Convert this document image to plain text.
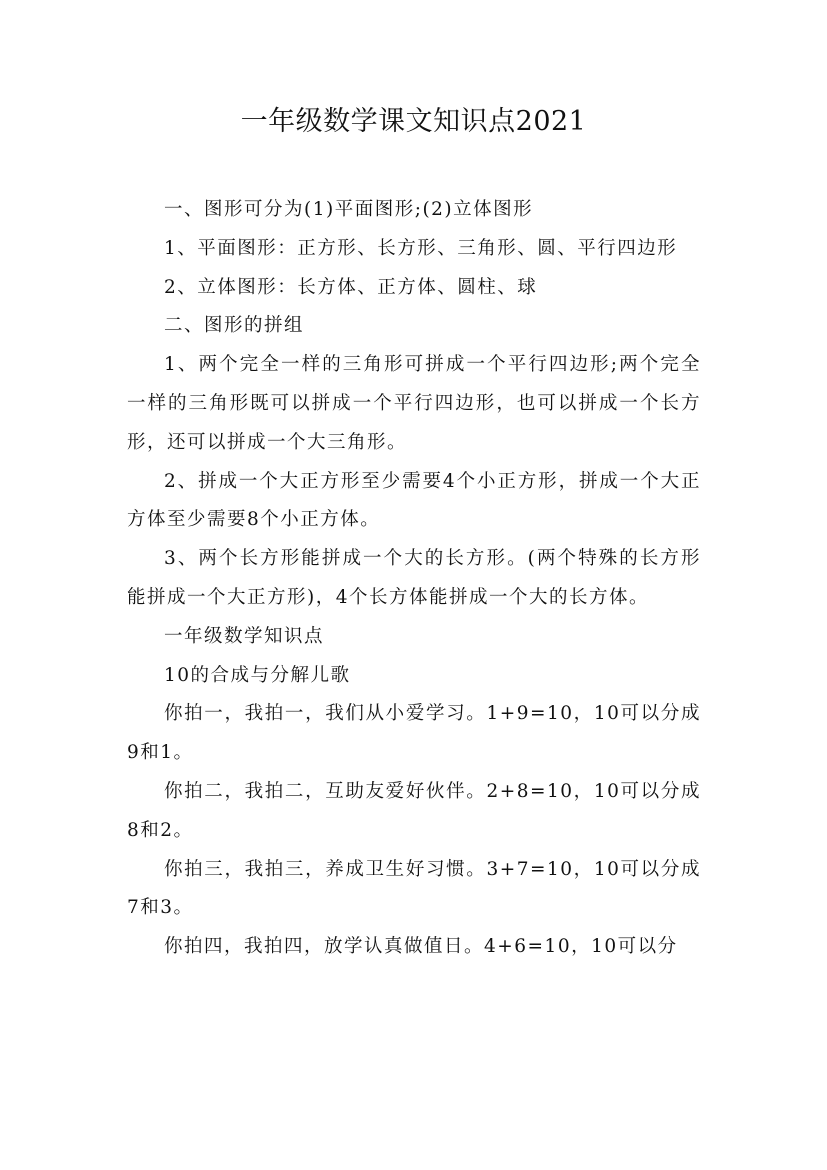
一年级数学课文知识点2021

一、图形可分为(1)平面图形;(2)立体图形

1、平面图形：正方形、长方形、三角形、圆、平行四边形

2、立体图形：长方体、正方体、圆柱、球

二、图形的拼组

1、两个完全一样的三角形可拼成一个平行四边形;两个完全一样的三角形既可以拼成一个平行四边形，也可以拼成一个长方形，还可以拼成一个大三角形。

2、拼成一个大正方形至少需要4个小正方形，拼成一个大正方体至少需要8个小正方体。

3、两个长方形能拼成一个大的长方形。(两个特殊的长方形能拼成一个大正方形)，4个长方体能拼成一个大的长方体。

一年级数学知识点

10的合成与分解儿歌

你拍一，我拍一，我们从小爱学习。1+9=10，10可以分成9和1。

你拍二，我拍二，互助友爱好伙伴。2+8=10，10可以分成8和2。

你拍三，我拍三，养成卫生好习惯。3+7=10，10可以分成7和3。

你拍四，我拍四，放学认真做值日。4+6=10，10可以分
